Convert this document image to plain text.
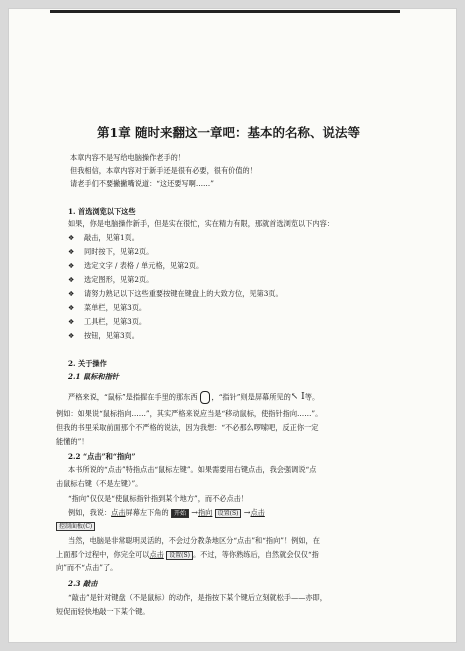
第1章 随时来翻这一章吧：基本的名称、说法等
本章内容不是写给电脑操作老手的！
但我相信，本章内容对于新手还是很有必要，很有价值的！
请老手们不要撇撇嘴说道：“这还要写啊……”
1. 首选浏览以下这些
如果，你是电脑操作新手，但是实在很忙，实在精力有限，那就首选浏览以下内容：
❖ 敲击，见第1页。
❖ 同时按下，见第2页。
❖ 选定文字 / 表格 / 单元格，见第2页。
❖ 选定图形，见第2页。
❖ 请努力熟记以下这些重要按键在键盘上的大致方位，见第3页。
❖ 菜单栏，见第3页。
❖ 工具栏，见第3页。
❖ 按钮，见第3页。
2. 关于操作
2.1 鼠标和指针
严格来说，“鼠标”是指握在手里的那东西 ，“指针”则是屏幕所见的↖ I等。
例如：如果说“鼠标指向……”，其实严格来说应当是“移动鼠标，使指针指向……”。
但我的书里采取前面那个不严格的说法，因为我想：“不必那么啰嗦吧，反正你一定
能懂的”！
2.2 “点击”和“指向”
本书所说的“点击”特指点击“鼠标左键”。如果需要用右键点击，我会强调说“点
击鼠标右键（不是左键）”。
“指向”仅仅是“使鼠标指针指到某个地方”，而不必点击！
例如，我说：点击屏幕左下角的 开始 →指向 设置(S) →点击
控制面板(C)
当然，电脑是非常聪明灵活的，不会过分教条地区分“点击”和“指向”！例如，在
上面那个过程中，你完全可以点击 设置(S) 。不过，等你熟练后，自然就会仅仅“指
向”而不“点击”了。
2.3 敲击
“敲击”是针对键盘（不是鼠标）的动作，是指按下某个键后立刻就松手——亦即，
短促而轻快地敲一下某个键。
